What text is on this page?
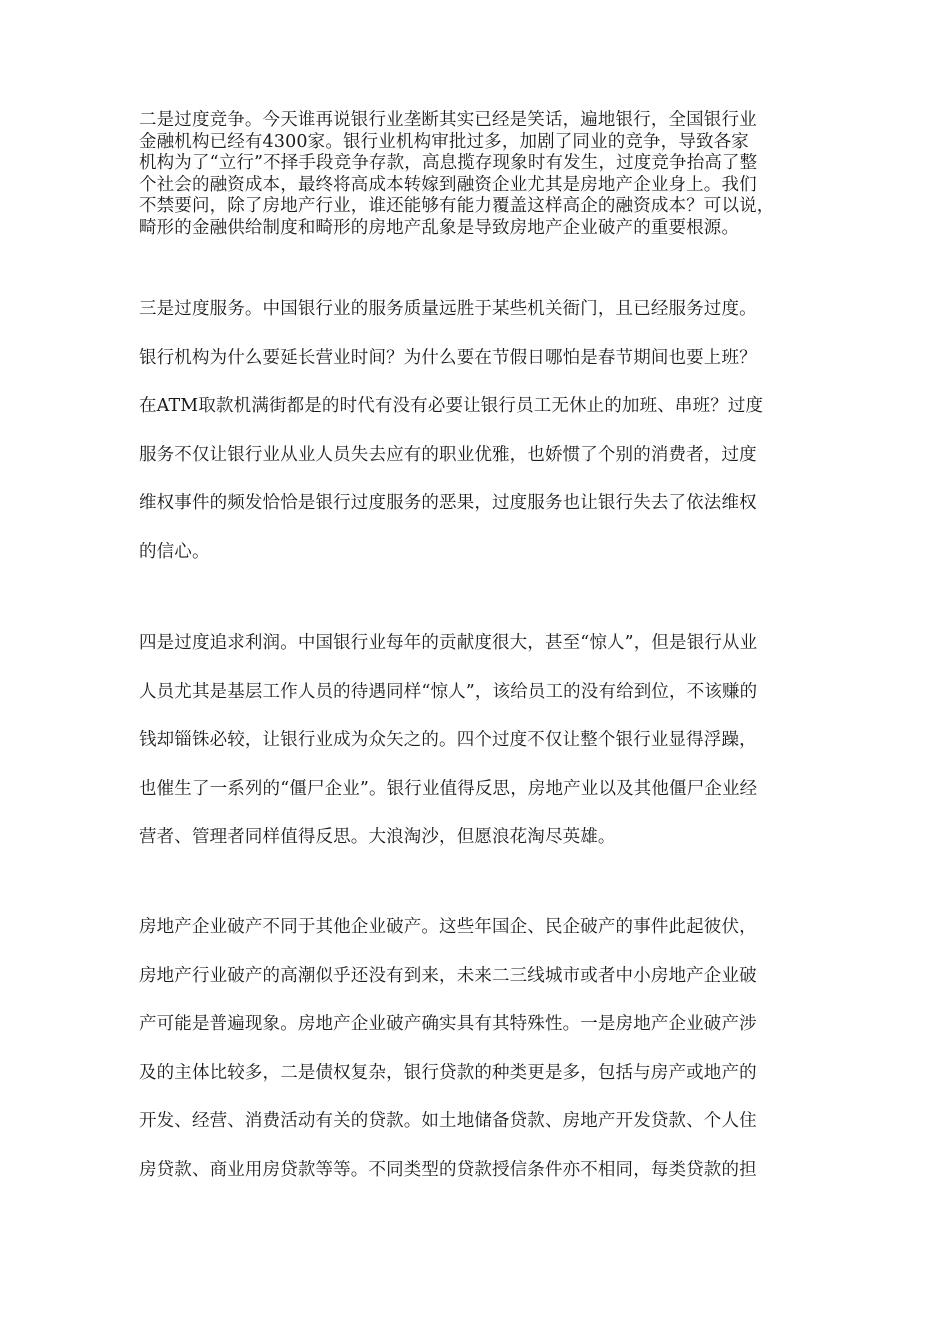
二是过度竞争。今天谁再说银行业垄断其实已经是笑话，遍地银行，全国银行业
金融机构已经有4300家。银行业机构审批过多，加剧了同业的竞争，导致各家
机构为了“立行”不择手段竞争存款，高息揽存现象时有发生，过度竞争抬高了整
个社会的融资成本，最终将高成本转嫁到融资企业尤其是房地产企业身上。我们
不禁要问，除了房地产行业，谁还能够有能力覆盖这样高企的融资成本？可以说，
畸形的金融供给制度和畸形的房地产乱象是导致房地产企业破产的重要根源。
三是过度服务。中国银行业的服务质量远胜于某些机关衙门，且已经服务过度。
银行机构为什么要延长营业时间？为什么要在节假日哪怕是春节期间也要上班？
在ATM取款机满街都是的时代有没有必要让银行员工无休止的加班、串班？过度
服务不仅让银行业从业人员失去应有的职业优雅，也娇惯了个别的消费者，过度
维权事件的频发恰恰是银行过度服务的恶果，过度服务也让银行失去了依法维权
的信心。
四是过度追求利润。中国银行业每年的贡献度很大，甚至“惊人”，但是银行从业
人员尤其是基层工作人员的待遇同样“惊人”，该给员工的没有给到位，不该赚的
钱却锱铢必较，让银行业成为众矢之的。四个过度不仅让整个银行业显得浮躁，
也催生了一系列的“僵尸企业”。银行业值得反思，房地产业以及其他僵尸企业经
营者、管理者同样值得反思。大浪淘沙，但愿浪花淘尽英雄。
房地产企业破产不同于其他企业破产。这些年国企、民企破产的事件此起彼伏，
房地产行业破产的高潮似乎还没有到来，未来二三线城市或者中小房地产企业破
产可能是普遍现象。房地产企业破产确实具有其特殊性。一是房地产企业破产涉
及的主体比较多，二是债权复杂，银行贷款的种类更是多，包括与房产或地产的
开发、经营、消费活动有关的贷款。如土地储备贷款、房地产开发贷款、个人住
房贷款、商业用房贷款等等。不同类型的贷款授信条件亦不相同，每类贷款的担
